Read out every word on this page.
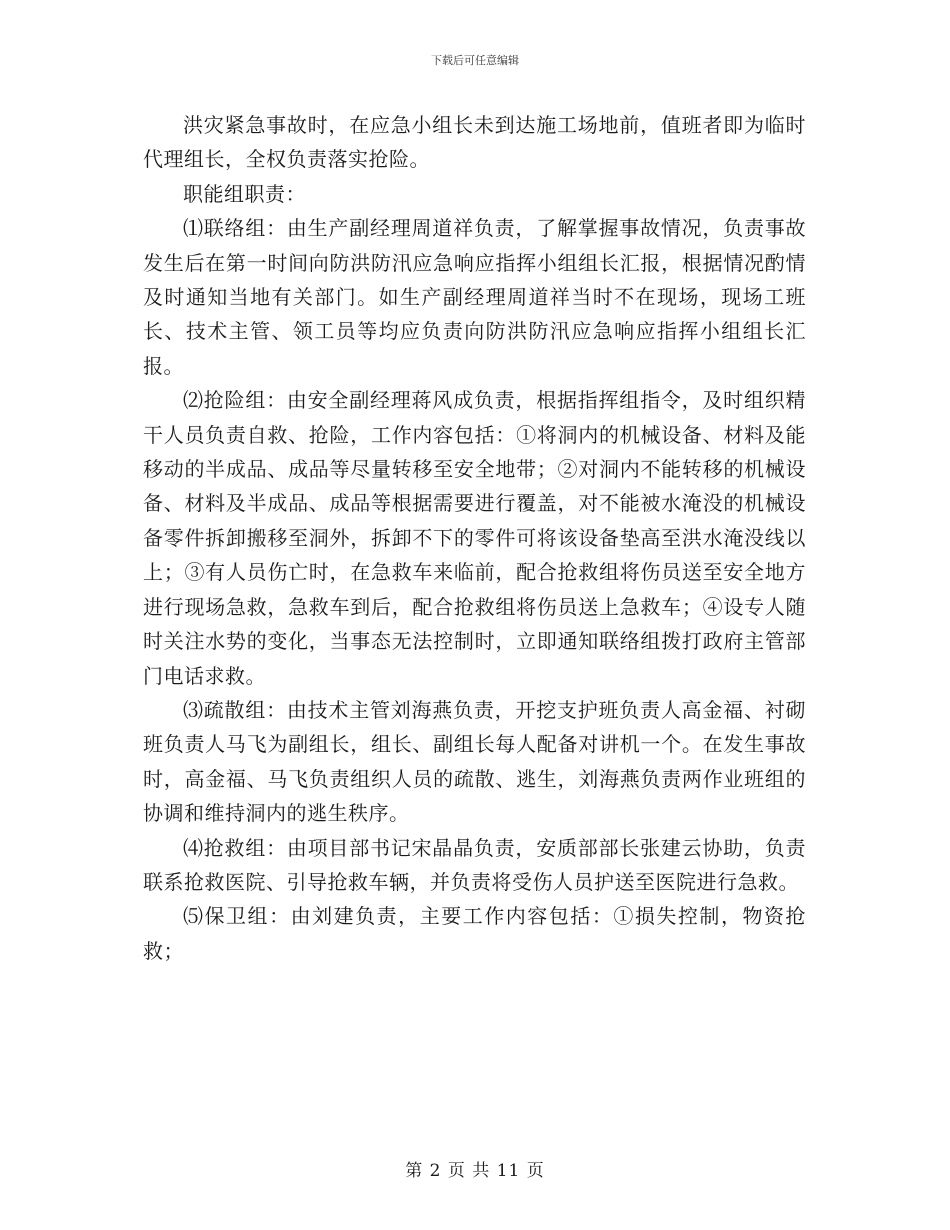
下载后可任意编辑

洪灾紧急事故时，在应急小组长未到达施工场地前，值班者即为临时代理组长，全权负责落实抢险。

职能组职责：

⑴联络组：由生产副经理周道祥负责，了解掌握事故情况，负责事故发生后在第一时间向防洪防汛应急响应指挥小组组长汇报，根据情况酌情及时通知当地有关部门。如生产副经理周道祥当时不在现场，现场工班长、技术主管、领工员等均应负责向防洪防汛应急响应指挥小组组长汇报。

⑵抢险组：由安全副经理蒋风成负责，根据指挥组指令，及时组织精干人员负责自救、抢险，工作内容包括：①将洞内的机械设备、材料及能移动的半成品、成品等尽量转移至安全地带；②对洞内不能转移的机械设备、材料及半成品、成品等根据需要进行覆盖，对不能被水淹没的机械设备零件拆卸搬移至洞外，拆卸不下的零件可将该设备垫高至洪水淹没线以上；③有人员伤亡时，在急救车来临前，配合抢救组将伤员送至安全地方进行现场急救，急救车到后，配合抢救组将伤员送上急救车；④设专人随时关注水势的变化，当事态无法控制时，立即通知联络组拨打政府主管部门电话求救。

⑶疏散组：由技术主管刘海燕负责，开挖支护班负责人高金福、衬砌班负责人马飞为副组长，组长、副组长每人配备对讲机一个。在发生事故时，高金福、马飞负责组织人员的疏散、逃生，刘海燕负责两作业班组的协调和维持洞内的逃生秩序。

⑷抢救组：由项目部书记宋晶晶负责，安质部部长张建云协助，负责联系抢救医院、引导抢救车辆，并负责将受伤人员护送至医院进行急救。

⑸保卫组：由刘建负责，主要工作内容包括：①损失控制，物资抢救；

第 2 页 共 11 页
